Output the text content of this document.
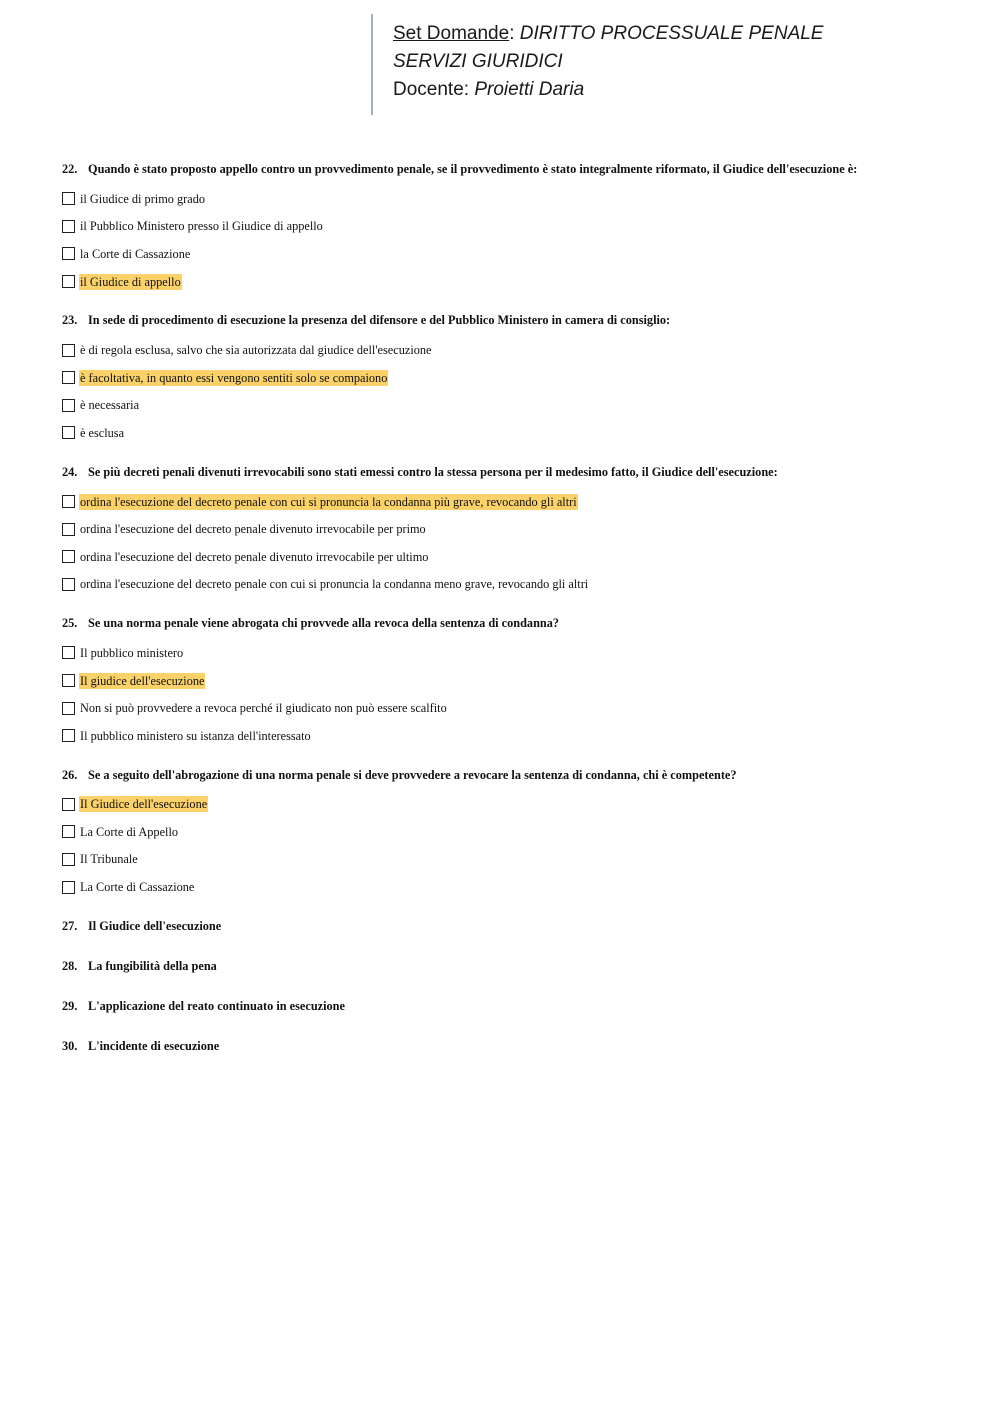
Set Domande: DIRITTO PROCESSUALE PENALE
SERVIZI GIURIDICI
Docente: Proietti Daria
22. Quando è stato proposto appello contro un provvedimento penale, se il provvedimento è stato integralmente riformato, il Giudice dell'esecuzione è:
il Giudice di primo grado
il Pubblico Ministero presso il Giudice di appello
la Corte di Cassazione
il Giudice di appello
23. In sede di procedimento di esecuzione la presenza del difensore e del Pubblico Ministero in camera di consiglio:
è di regola esclusa, salvo che sia autorizzata dal giudice dell'esecuzione
è facoltativa, in quanto essi vengono sentiti solo se compaiono
è necessaria
è esclusa
24. Se più decreti penali divenuti irrevocabili sono stati emessi contro la stessa persona per il medesimo fatto, il Giudice dell'esecuzione:
ordina l'esecuzione del decreto penale con cui si pronuncia la condanna più grave, revocando gli altri
ordina l'esecuzione del decreto penale divenuto irrevocabile per primo
ordina l'esecuzione del decreto penale divenuto irrevocabile per ultimo
ordina l'esecuzione del decreto penale con cui si pronuncia la condanna meno grave, revocando gli altri
25. Se una norma penale viene abrogata chi provvede alla revoca della sentenza di condanna?
Il pubblico ministero
Il giudice dell'esecuzione
Non si può provvedere a revoca perché il giudicato non può essere scalfito
Il pubblico ministero su istanza dell'interessato
26. Se a seguito dell'abrogazione di una norma penale si deve provvedere a revocare la sentenza di condanna, chi è competente?
Il Giudice dell'esecuzione
La Corte di Appello
Il Tribunale
La Corte di Cassazione
27. Il Giudice dell'esecuzione
28. La fungibilità della pena
29. L'applicazione del reato continuato in esecuzione
30. L'incidente di esecuzione
